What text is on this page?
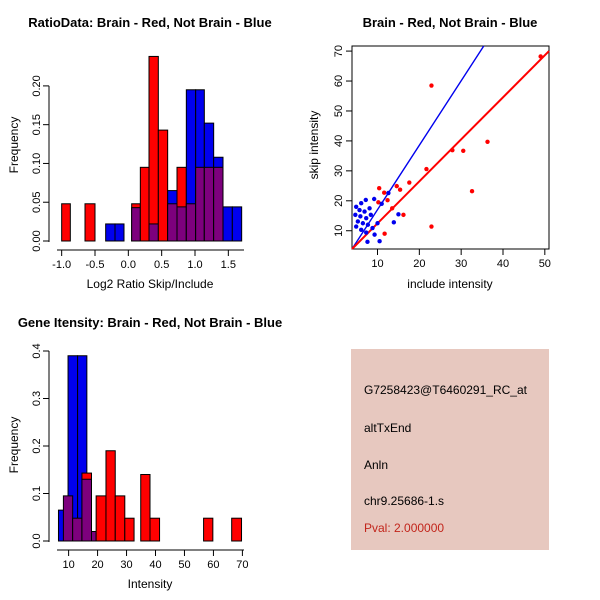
-1.0 -0.5 0.0 0.5 1.0 1.5
0.00
0.05
0.10
0.15
0.20
RatioData: Brain - Red, Not Brain - Blue
Frequency
Log2 Ratio Skip/Include
10	20	30	40	50
10
20
30
40
50
60
70
Brain - Red, Not Brain - Blue
skip intensity
include intensity
10 20 30 40 50 60 70
0.0
0.1
0.2
0.3
0.4
Gene Itensity: Brain - Red, Not Brain - Blue
Frequency
Intensity
G7258423@T6460291_RC_at
altTxEnd
Anln
chr9.25686-1.s
Pval: 2.000000
